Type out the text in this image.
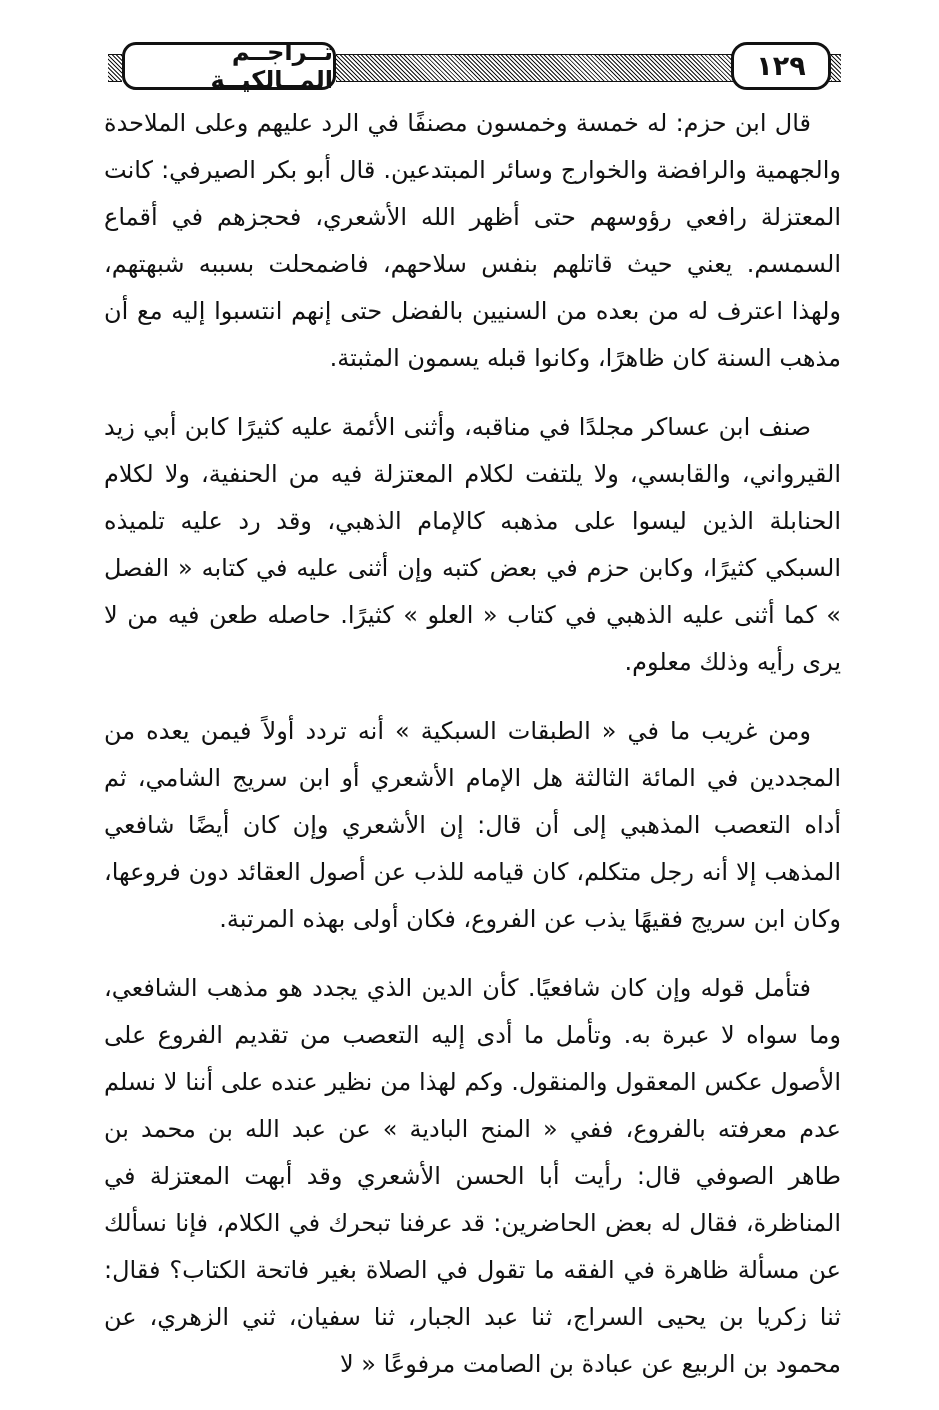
تــراجــم المــالكيــة	١٢٩

قال ابن حزم: له خمسة وخمسون مصنفًا في الرد عليهم وعلى الملاحدة والجهمية والرافضة والخوارج وسائر المبتدعين. قال أبو بكر الصيرفي: كانت المعتزلة رافعي رؤوسهم حتى أظهر الله الأشعري، فحجزهم في أقماع السمسم. يعني حيث قاتلهم بنفس سلاحهم، فاضمحلت بسببه شبهتهم، ولهذا اعترف له من بعده من السنيين بالفضل حتى إنهم انتسبوا إليه مع أن مذهب السنة كان ظاهرًا، وكانوا قبله يسمون المثبتة.

صنف ابن عساكر مجلدًا في مناقبه، وأثنى الأئمة عليه كثيرًا كابن أبي زيد القيرواني، والقابسي، ولا يلتفت لكلام المعتزلة فيه من الحنفية، ولا لكلام الحنابلة الذين ليسوا على مذهبه كالإمام الذهبي، وقد رد عليه تلميذه السبكي كثيرًا، وكابن حزم في بعض كتبه وإن أثنى عليه في كتابه « الفصل » كما أثنى عليه الذهبي في كتاب « العلو » كثيرًا. حاصله طعن فيه من لا يرى رأيه وذلك معلوم.

ومن غريب ما في « الطبقات السبكية » أنه تردد أولاً فيمن يعده من المجددين في المائة الثالثة هل الإمام الأشعري أو ابن سريج الشامي، ثم أداه التعصب المذهبي إلى أن قال: إن الأشعري وإن كان أيضًا شافعي المذهب إلا أنه رجل متكلم، كان قيامه للذب عن أصول العقائد دون فروعها، وكان ابن سريج فقيهًا يذب عن الفروع، فكان أولى بهذه المرتبة.

فتأمل قوله وإن كان شافعيًا. كأن الدين الذي يجدد هو مذهب الشافعي، وما سواه لا عبرة به. وتأمل ما أدى إليه التعصب من تقديم الفروع على الأصول عكس المعقول والمنقول. وكم لهذا من نظير عنده على أننا لا نسلم عدم معرفته بالفروع، ففي « المنح البادية » عن عبد الله بن محمد بن طاهر الصوفي قال: رأيت أبا الحسن الأشعري وقد أبهت المعتزلة في المناظرة، فقال له بعض الحاضرين: قد عرفنا تبحرك في الكلام، فإنا نسألك عن مسألة ظاهرة في الفقه ما تقول في الصلاة بغير فاتحة الكتاب؟ فقال: ثنا زكريا بن يحيى السراج، ثنا عبد الجبار، ثنا سفيان، ثني الزهري، عن محمود بن الربيع عن عبادة بن الصامت مرفوعًا « لا
